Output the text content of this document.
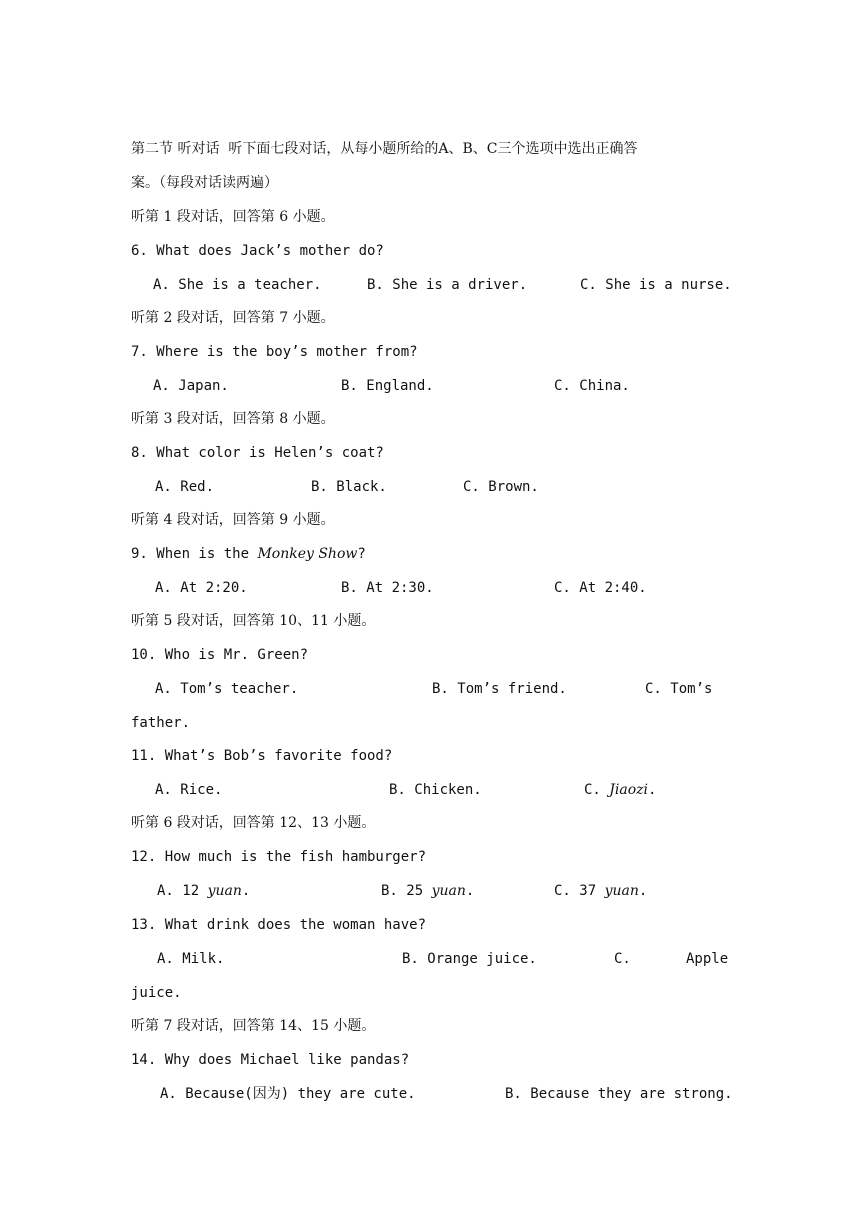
第二节 听对话  听下面七段对话，从每小题所给的A、B、C三个选项中选出正确答
案。（每段对话读两遍）
听第 1 段对话，回答第 6 小题。
6. What does Jack’s mother do?
A. She is a teacher.	B. She is a driver.	C. She is a nurse.
听第 2 段对话，回答第 7 小题。
7. Where is the boy’s mother from?
A. Japan.	B. England.	C. China.
听第 3 段对话，回答第 8 小题。
8. What color is Helen’s coat?
A. Red.	B. Black.	C. Brown.
听第 4 段对话，回答第 9 小题。
9. When is the Monkey Show?
A. At 2:20.	B. At 2:30.	C. At 2:40.
听第 5 段对话，回答第 10、11 小题。
10. Who is Mr. Green?
A. Tom’s teacher.	B. Tom’s friend.	C. Tom’s
father.
11. What’s Bob’s favorite food?
A. Rice.	B. Chicken.	C. Jiaozi.
听第 6 段对话，回答第 12、13 小题。
12. How much is the fish hamburger?
A. 12 yuan.	B. 25 yuan.	C. 37 yuan.
13. What drink does the woman have?
A. Milk.	B. Orange juice.	C.	Apple
juice.
听第 7 段对话，回答第 14、15 小题。
14. Why does Michael like pandas?
A. Because(因为) they are cute.	B. Because they are strong.
